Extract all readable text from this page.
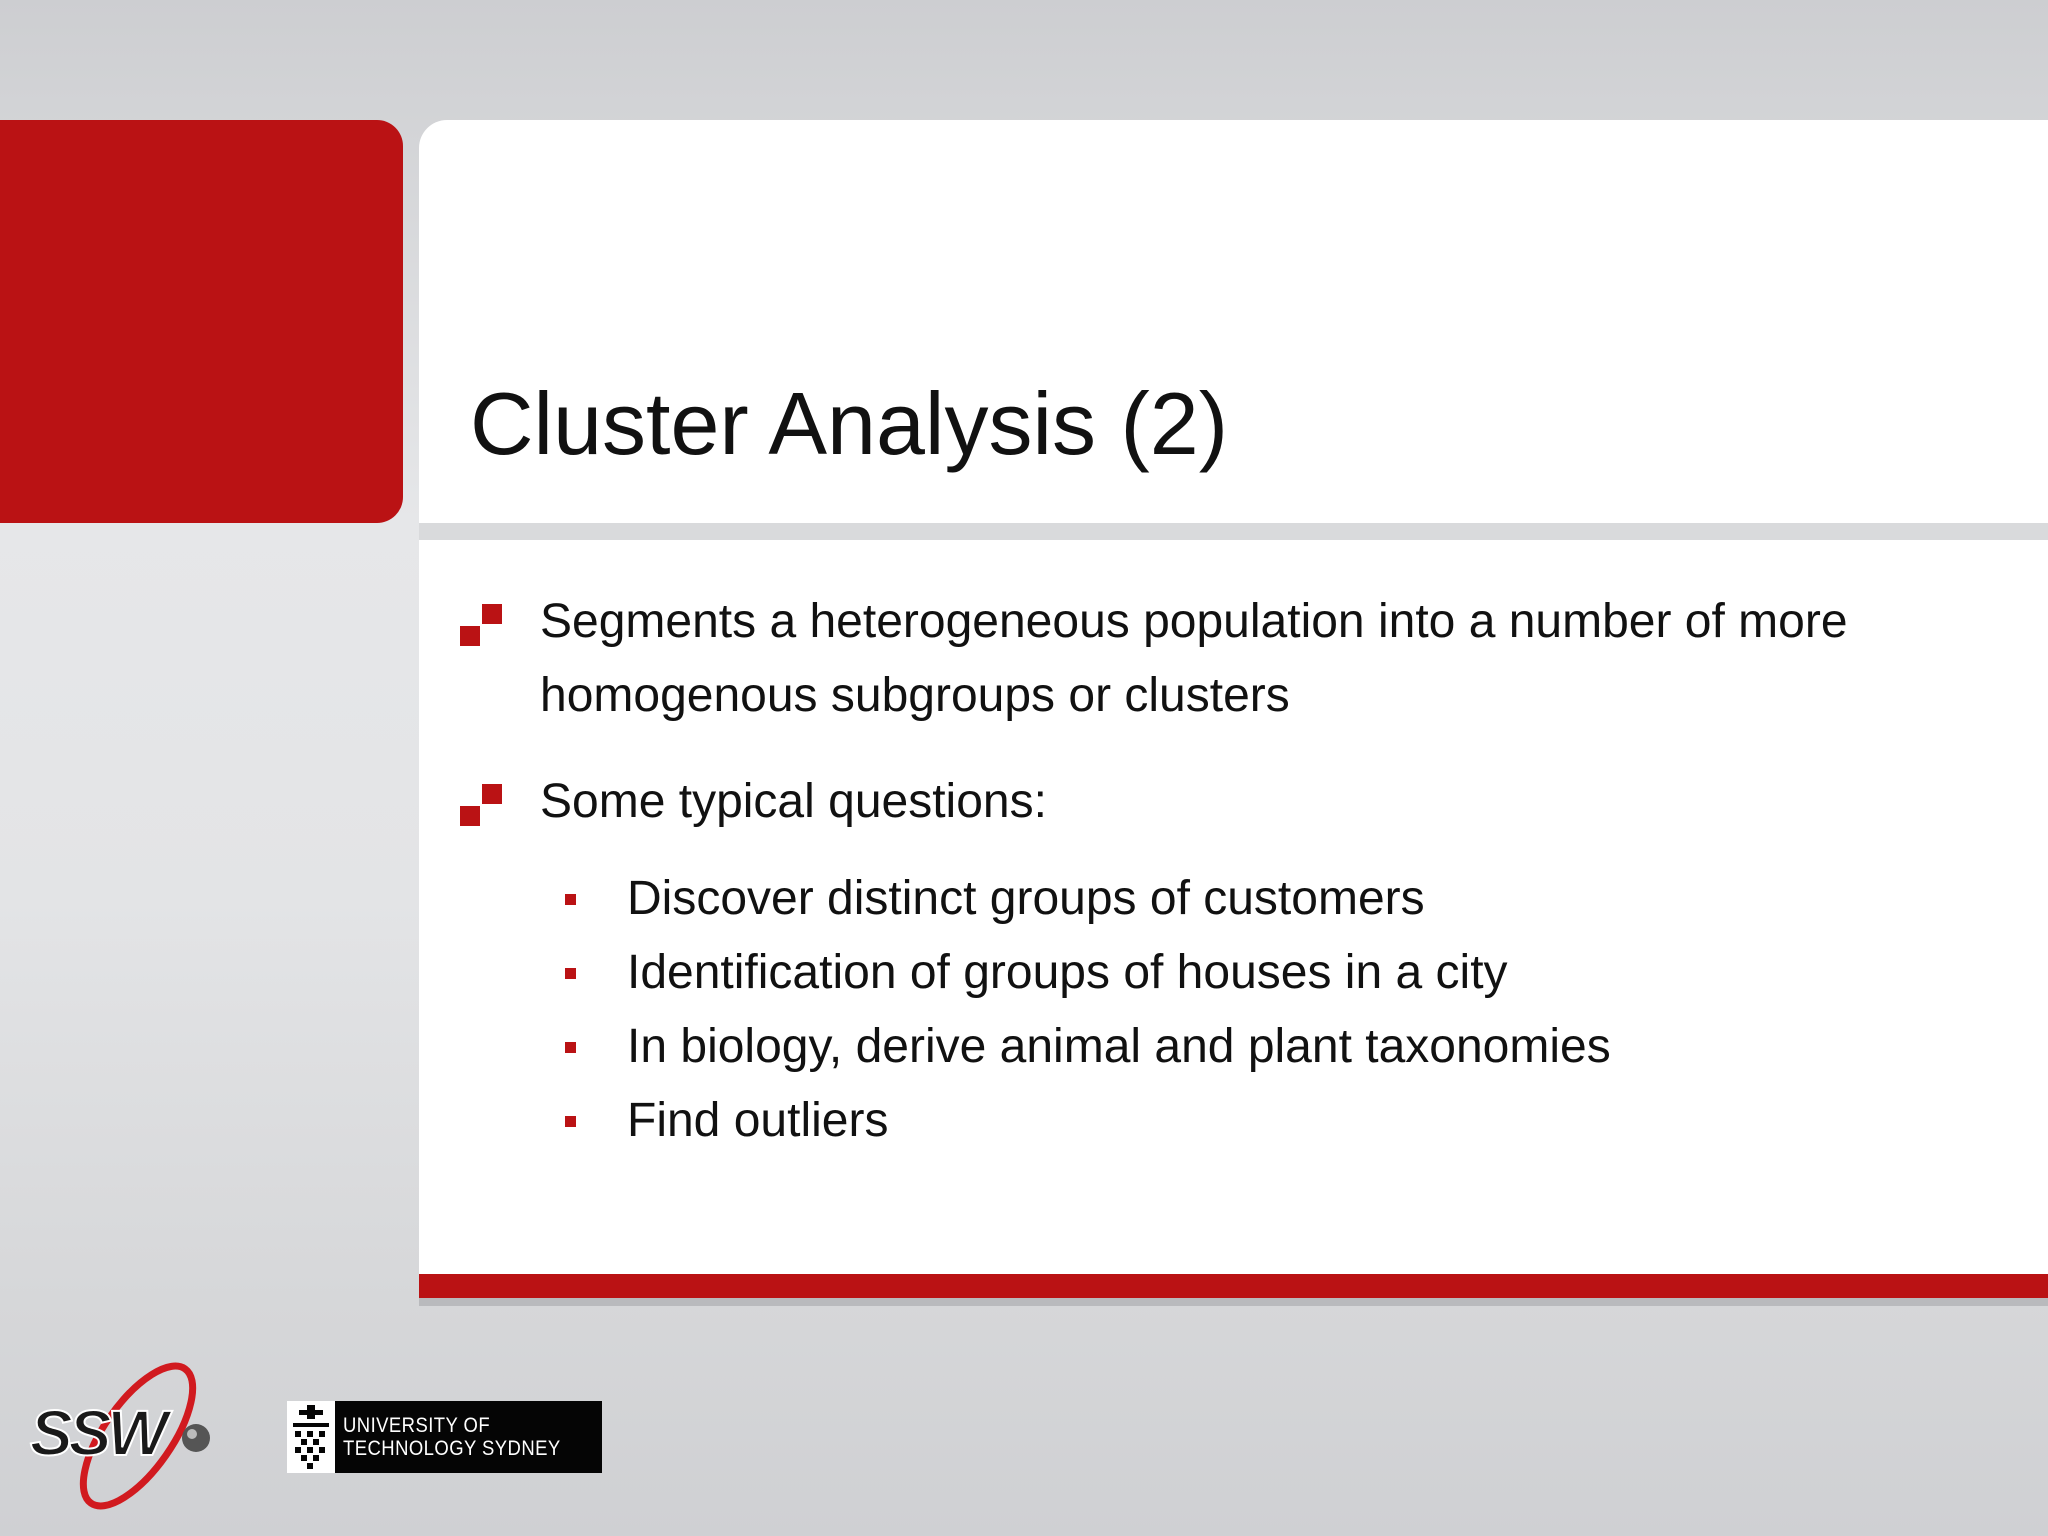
Cluster Analysis (2)
Segments a heterogeneous population into a number of more homogenous subgroups or clusters
Some typical questions:
Discover distinct groups of customers
Identification of groups of houses in a city
In biology, derive animal and plant taxonomies
Find outliers
SSW	UNIVERSITY OF
TECHNOLOGY SYDNEY
